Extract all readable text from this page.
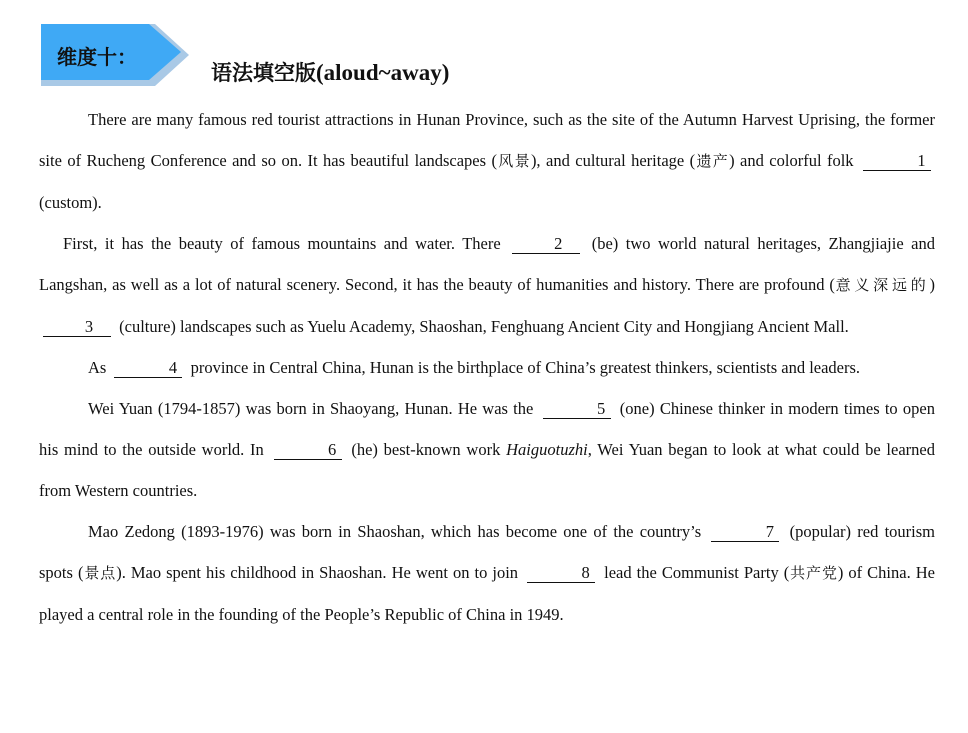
维度十：
语法填空版(aloud~away)

There are many famous red tourist attractions in Hunan Province, such as the site of the Autumn Harvest Uprising, the former site of Rucheng Conference and so on. It has beautiful landscapes (风景), and cultural heritage (遗产) and colorful folk	1 (custom).

First, it has the beauty of famous mountains and water. There	2 (be) two world natural heritages, Zhangjiajie and Langshan, as well as a lot of natural scenery. Second, it has the beauty of humanities and history. There are profound (意义深远的) 3 (culture) landscapes such as Yuelu Academy, Shaoshan, Fenghuang Ancient City and Hongjiang Ancient Mall.

As	4 province in Central China, Hunan is the birthplace of China’s greatest thinkers, scientists and leaders.

Wei Yuan (1794-1857) was born in Shaoyang, Hunan. He was the	5 (one) Chinese thinker in modern times to open his mind to the outside world. In	6 (he) best-known work Haiguotuzhi, Wei Yuan began to look at what could be learned from Western countries.

Mao Zedong (1893-1976) was born in Shaoshan, which has become one of the country’s	7 (popular) red tourism spots (景点). Mao spent his childhood in Shaoshan. He went on to join	8 lead the Communist Party (共产党) of China. He played a central role in the founding of the People’s Republic of China in 1949.
